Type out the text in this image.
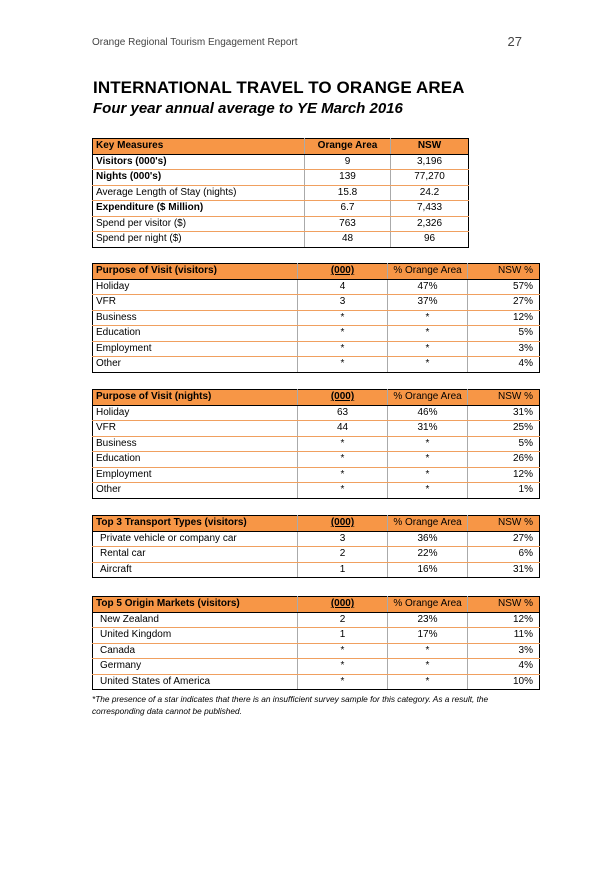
Orange Regional Tourism Engagement Report	27
INTERNATIONAL TRAVEL TO ORANGE AREA
Four year annual average to YE March 2016
Key Measures	Orange Area	NSW
Visitors (000's)	9	3,196
Nights (000's)	139	77,270
Average Length of Stay (nights)	15.8	24.2
Expenditure ($ Million)	6.7	7,433
Spend per visitor ($)	763	2,326
Spend per night ($)	48	96
Purpose of Visit (visitors)	(000)	% Orange Area	NSW %
Holiday	4	47%	57%
VFR	3	37%	27%
Business	*	*	12%
Education	*	*	5%
Employment	*	*	3%
Other	*	*	4%
Purpose of Visit (nights)	(000)	% Orange Area	NSW %
Holiday	63	46%	31%
VFR	44	31%	25%
Business	*	*	5%
Education	*	*	26%
Employment	*	*	12%
Other	*	*	1%
Top 3 Transport Types (visitors)	(000)	% Orange Area	NSW %
Private vehicle or company car	3	36%	27%
Rental car	2	22%	6%
Aircraft	1	16%	31%
Top 5 Origin Markets (visitors)	(000)	% Orange Area	NSW %
New Zealand	2	23%	12%
United Kingdom	1	17%	11%
Canada	*	*	3%
Germany	*	*	4%
United States of America	*	*	10%
*The presence of a star indicates that there is an insufficient survey sample for this category. As a result, the corresponding data cannot be published.
